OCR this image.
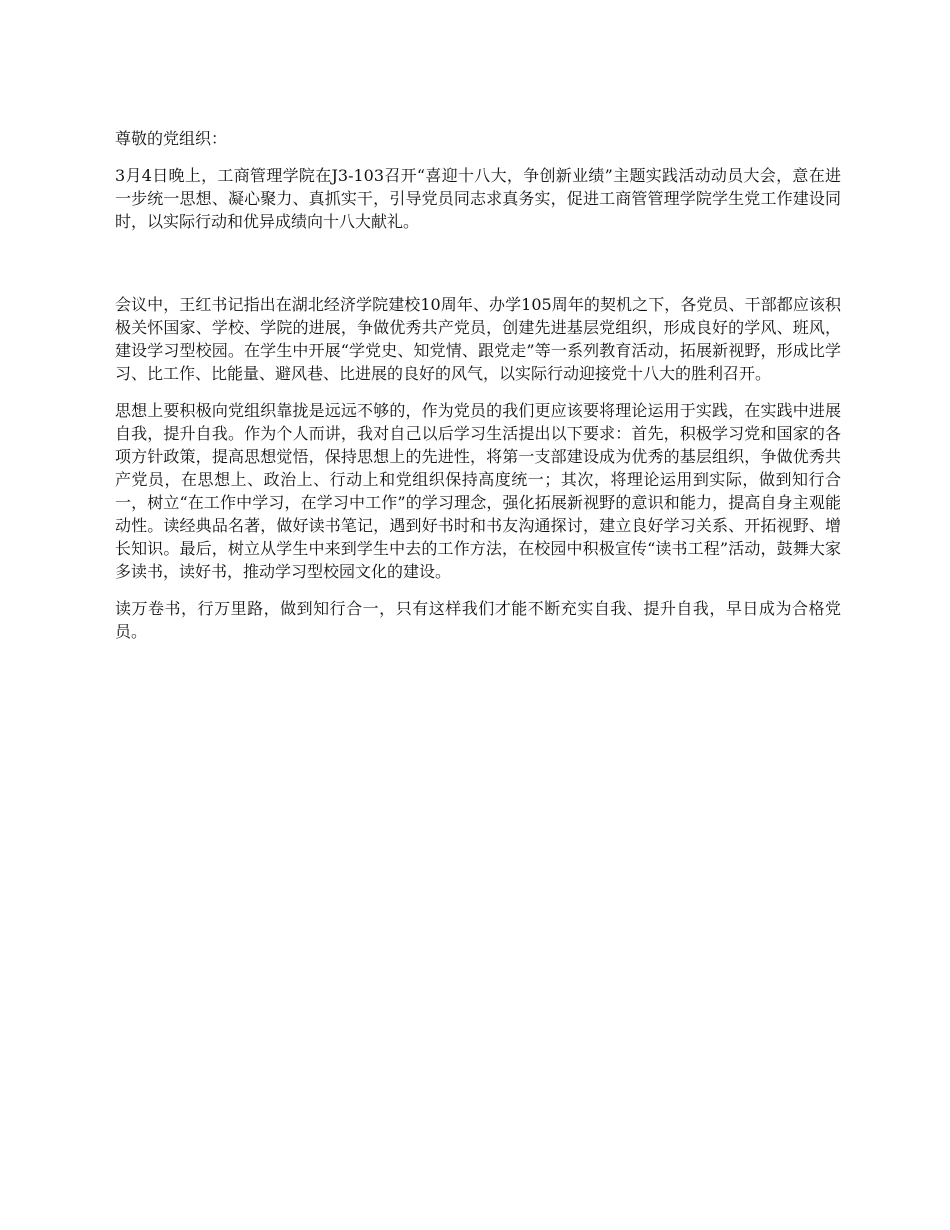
尊敬的党组织：

3月4日晚上，工商管理学院在J3-103召开“喜迎十八大，争创新业绩”主题实践活动动员大会，意在进一步统一思想、凝心聚力、真抓实干，引导党员同志求真务实，促进工商管管理学院学生党工作建设同时，以实际行动和优异成绩向十八大献礼。

会议中，王红书记指出在湖北经济学院建校10周年、办学105周年的契机之下，各党员、干部都应该积极关怀国家、学校、学院的进展，争做优秀共产党员，创建先进基层党组织，形成良好的学风、班风，建设学习型校园。在学生中开展“学党史、知党情、跟党走”等一系列教育活动，拓展新视野，形成比学习、比工作、比能量、避风巷、比进展的良好的风气，以实际行动迎接党十八大的胜利召开。

思想上要积极向党组织靠拢是远远不够的，作为党员的我们更应该要将理论运用于实践，在实践中进展自我，提升自我。作为个人而讲，我对自己以后学习生活提出以下要求：首先，积极学习党和国家的各项方针政策，提高思想觉悟，保持思想上的先进性，将第一支部建设成为优秀的基层组织，争做优秀共产党员，在思想上、政治上、行动上和党组织保持高度统一；其次，将理论运用到实际，做到知行合一，树立“在工作中学习，在学习中工作”的学习理念，强化拓展新视野的意识和能力，提高自身主观能动性。读经典品名著，做好读书笔记，遇到好书时和书友沟通探讨，建立良好学习关系、开拓视野、增长知识。最后，树立从学生中来到学生中去的工作方法，在校园中积极宣传“读书工程”活动，鼓舞大家多读书，读好书，推动学习型校园文化的建设。

读万卷书，行万里路，做到知行合一，只有这样我们才能不断充实自我、提升自我，早日成为合格党员。
